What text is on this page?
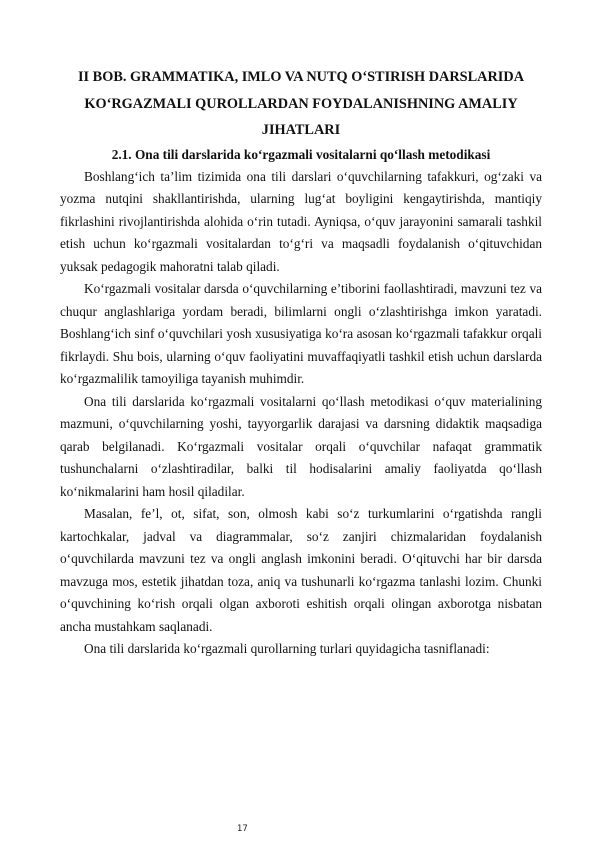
II BOB. GRAMMATIKA, IMLO VA NUTQ O‘STIRISH DARSLARIDA KO‘RGAZMALI QUROLLARDAN FOYDALANISHNING AMALIY JIHATLARI
2.1. Ona tili darslarida ko‘rgazmali vositalarni qo‘llash metodikasi

Boshlang‘ich ta’lim tizimida ona tili darslari o‘quvchilarning tafakkuri, og‘zaki va yozma nutqini shakllantirishda, ularning lug‘at boyligini kengaytirishda, mantiqiy fikrlashini rivojlantirishda alohida o‘rin tutadi. Ayniqsa, o‘quv jarayonini samarali tashkil etish uchun ko‘rgazmali vositalardan to‘g‘ri va maqsadli foydalanish o‘qituvchidan yuksak pedagogik mahoratni talab qiladi.

Ko‘rgazmali vositalar darsda o‘quvchilarning e’tiborini faollashtiradi, mavzuni tez va chuqur anglashlariga yordam beradi, bilimlarni ongli o‘zlashtirishga imkon yaratadi. Boshlang‘ich sinf o‘quvchilari yosh xususiyatiga ko‘ra asosan ko‘rgazmali tafakkur orqali fikrlaydi. Shu bois, ularning o‘quv faoliyatini muvaffaqiyatli tashkil etish uchun darslarda ko‘rgazmalilik tamoyiliga tayanish muhimdir.

Ona tili darslarida ko‘rgazmali vositalarni qo‘llash metodikasi o‘quv materialining mazmuni, o‘quvchilarning yoshi, tayyorgarlik darajasi va darsning didaktik maqsadiga qarab belgilanadi. Ko‘rgazmali vositalar orqali o‘quvchilar nafaqat grammatik tushunchalarni o‘zlashtiradilar, balki til hodisalarini amaliy faoliyatda qo‘llash ko‘nikmalarini ham hosil qiladilar.

Masalan, fe’l, ot, sifat, son, olmosh kabi so‘z turkumlarini o‘rgatishda rangli kartochkalar, jadval va diagrammalar, so‘z zanjiri chizmalaridan foydalanish o‘quvchilarda mavzuni tez va ongli anglash imkonini beradi. O‘qituvchi har bir darsda mavzuga mos, estetik jihatdan toza, aniq va tushunarli ko‘rgazma tanlashi lozim. Chunki o‘quvchining ko‘rish orqali olgan axboroti eshitish orqali olingan axborotga nisbatan ancha mustahkam saqlanadi.

Ona tili darslarida ko‘rgazmali qurollarning turlari quyidagicha tasniflanadi:

17
